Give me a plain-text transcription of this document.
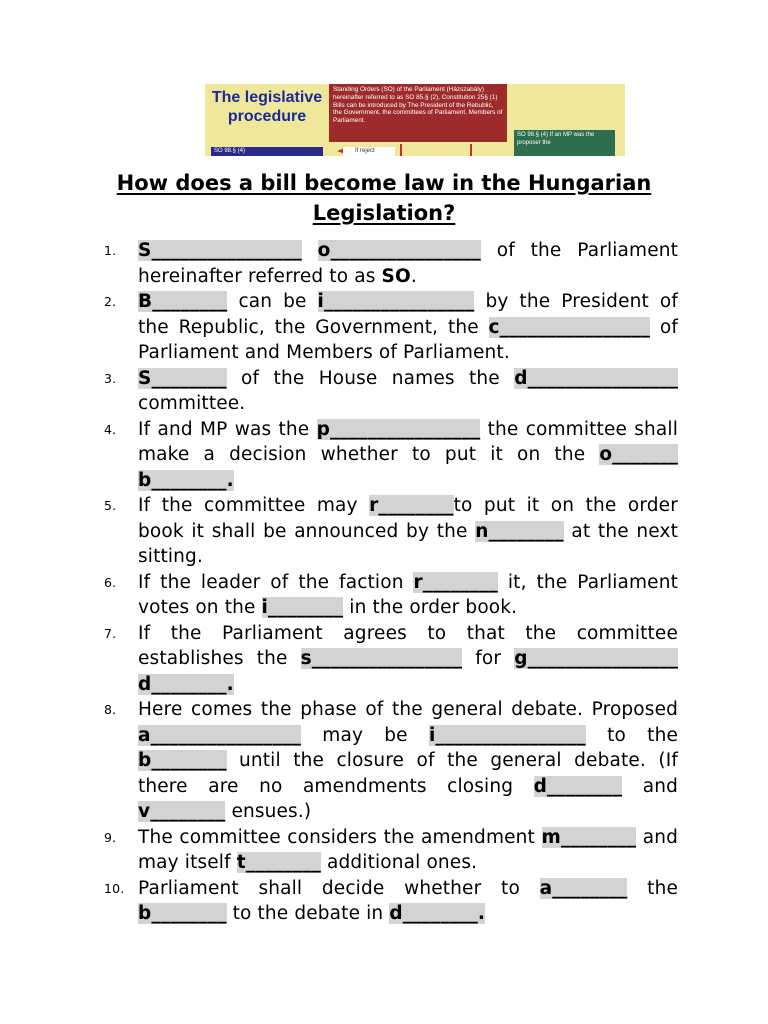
The legislative procedure
Standing Orders (SO) of the Parliament (Házszabály) hereinafter referred to as SO 85.§ (2), Constitution 25§ (1) Bills can be introduced by The President of the Rebublic, the Government, the committees of Parliament, Members of Parliament.
SO 98.§ (4) If an MP was the proposer the
SO 98.§ (4)	If reject
How does a bill become law in the Hungarian Legislation?
1.	S________________ o________________ of the Parliament hereinafter referred to as SO.
2.	B________ can be i________________ by the President of the Republic, the Government, the c________________ of Parliament and Members of Parliament.
3.	S________ of the House names the d________________ committee.
4.	If and MP was the p________________ the committee shall make a decision whether to put it on the o_______ b________.
5.	If the committee may r________to put it on the order book it shall be announced by the n________ at the next sitting.
6.	If the leader of the faction r________ it, the Parliament votes on the i________ in the order book.
7.	If the Parliament agrees to that the committee establishes the s________________ for g________________ d________.
8.	Here comes the phase of the general debate. Proposed a________________ may be i________________ to the b________ until the closure of the general debate. (If there are no amendments closing d________ and v________ ensues.)
9.	The committee considers the amendment m________ and may itself t________ additional ones.
10. Parliament shall decide whether to a________ the b________ to the debate in d________.
